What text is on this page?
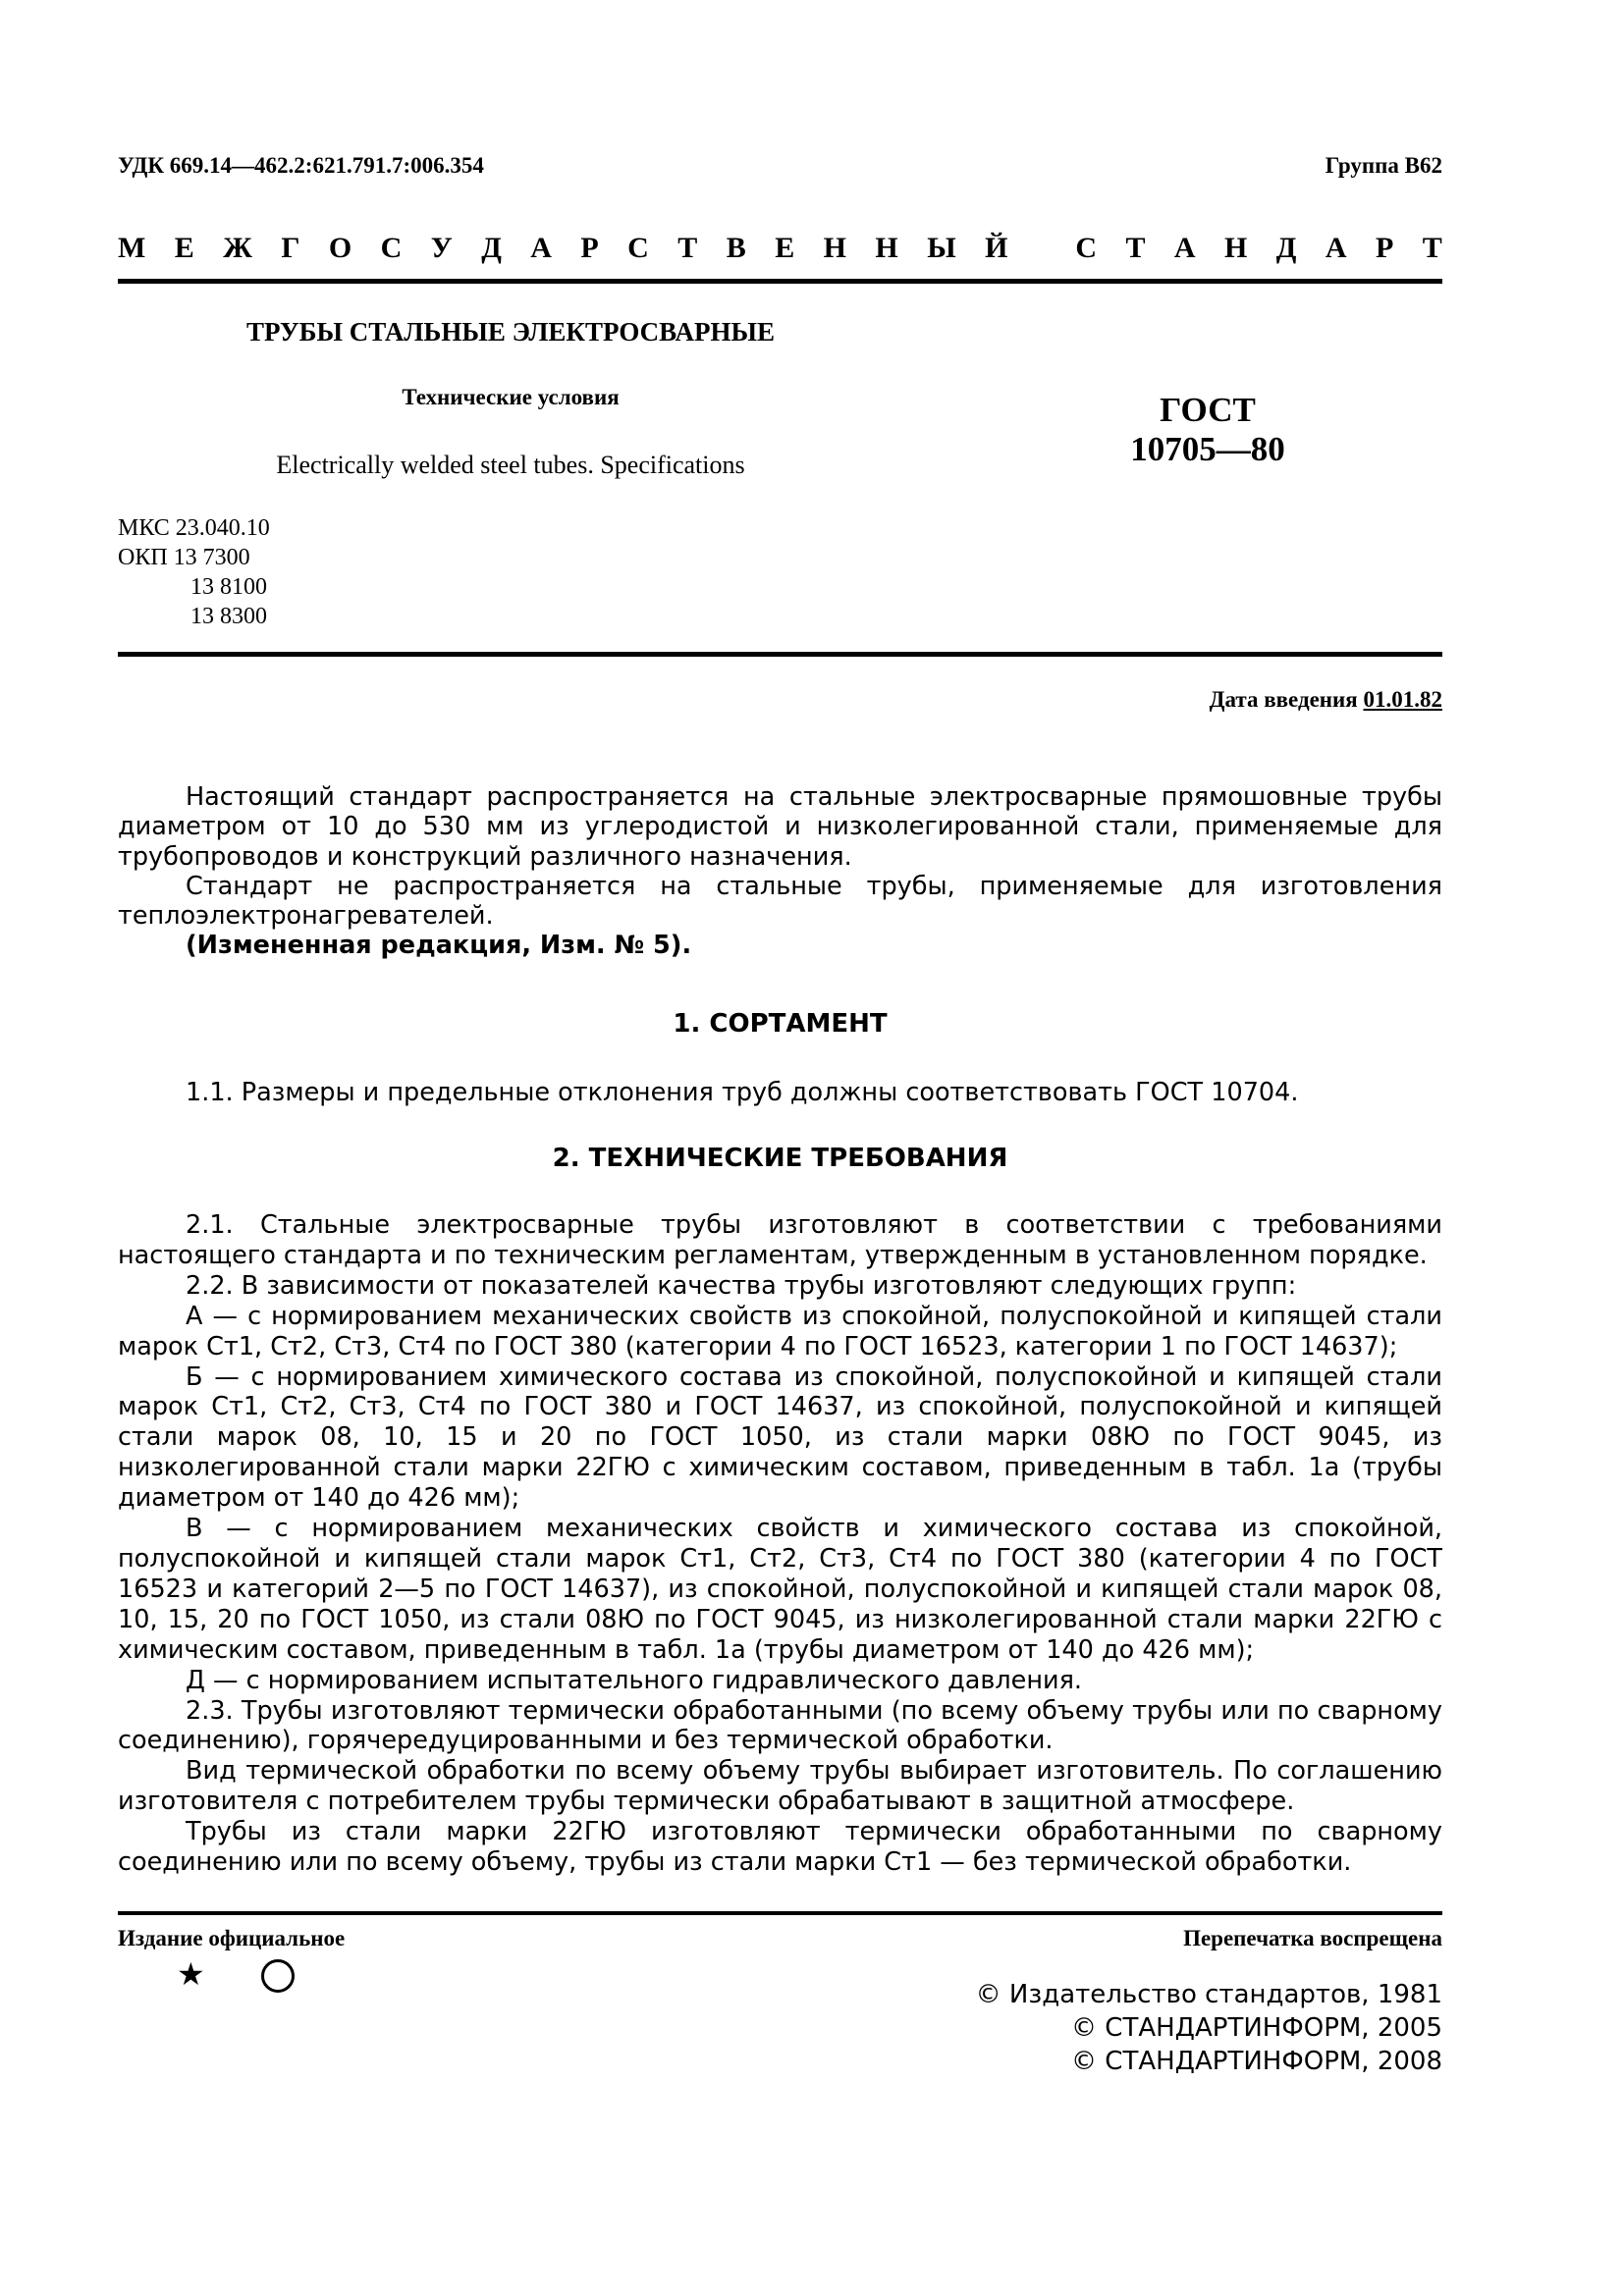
УДК 669.14—462.2:621.791.7:006.354	Группа В62
М Е Ж Г О С У Д А Р С Т В Е Н Н Ы Й С Т А Н Д А Р Т
ТРУБЫ СТАЛЬНЫЕ ЭЛЕКТРОСВАРНЫЕ
Технические условия
Electrically welded steel tubes. Specifications
ГОСТ
10705—80
МКС 23.040.10
ОКП 13 7300
13 8100
13 8300
Дата введения 01.01.82

Настоящий стандарт распространяется на стальные электросварные прямошовные трубы диаметром от 10 до 530 мм из углеродистой и низколегированной стали, применяемые для трубопроводов и конструкций различного назначения.

Стандарт не распространяется на стальные трубы, применяемые для изготовления теплоэлектронагревателей.

(Измененная редакция, Изм. № 5).

1. СОРТАМЕНТ

1.1. Размеры и предельные отклонения труб должны соответствовать ГОСТ 10704.

2. ТЕХНИЧЕСКИЕ ТРЕБОВАНИЯ

2.1. Стальные электросварные трубы изготовляют в соответствии с требованиями настоящего стандарта и по техническим регламентам, утвержденным в установленном порядке.

2.2. В зависимости от показателей качества трубы изготовляют следующих групп:

А — с нормированием механических свойств из спокойной, полуспокойной и кипящей стали марок Ст1, Ст2, Ст3, Ст4 по ГОСТ 380 (категории 4 по ГОСТ 16523, категории 1 по ГОСТ 14637);

Б — с нормированием химического состава из спокойной, полуспокойной и кипящей стали марок Ст1, Ст2, Ст3, Ст4 по ГОСТ 380 и ГОСТ 14637, из спокойной, полуспокойной и кипящей стали марок 08, 10, 15 и 20 по ГОСТ 1050, из стали марки 08Ю по ГОСТ 9045, из низколегированной стали марки 22ГЮ с химическим составом, приведенным в табл. 1а (трубы диаметром от 140 до 426 мм);

В — с нормированием механических свойств и химического состава из спокойной, полуспокойной и кипящей стали марок Ст1, Ст2, Ст3, Ст4 по ГОСТ 380 (категории 4 по ГОСТ 16523 и категорий 2—5 по ГОСТ 14637), из спокойной, полуспокойной и кипящей стали марок 08, 10, 15, 20 по ГОСТ 1050, из стали 08Ю по ГОСТ 9045, из низколегированной стали марки 22ГЮ с химическим составом, приведенным в табл. 1а (трубы диаметром от 140 до 426 мм);

Д — с нормированием испытательного гидравлического давления.

2.3. Трубы изготовляют термически обработанными (по всему объему трубы или по сварному соединению), горячередуцированными и без термической обработки.

Вид термической обработки по всему объему трубы выбирает изготовитель. По соглашению изготовителя с потребителем трубы термически обрабатывают в защитной атмосфере.

Трубы из стали марки 22ГЮ изготовляют термически обработанными по сварному соединению или по всему объему, трубы из стали марки Ст1 — без термической обработки.

Издание официальное	Перепечатка воспрещена
★
© Издательство стандартов, 1981
© СТАНДАРТИНФОРМ, 2005
© СТАНДАРТИНФОРМ, 2008
